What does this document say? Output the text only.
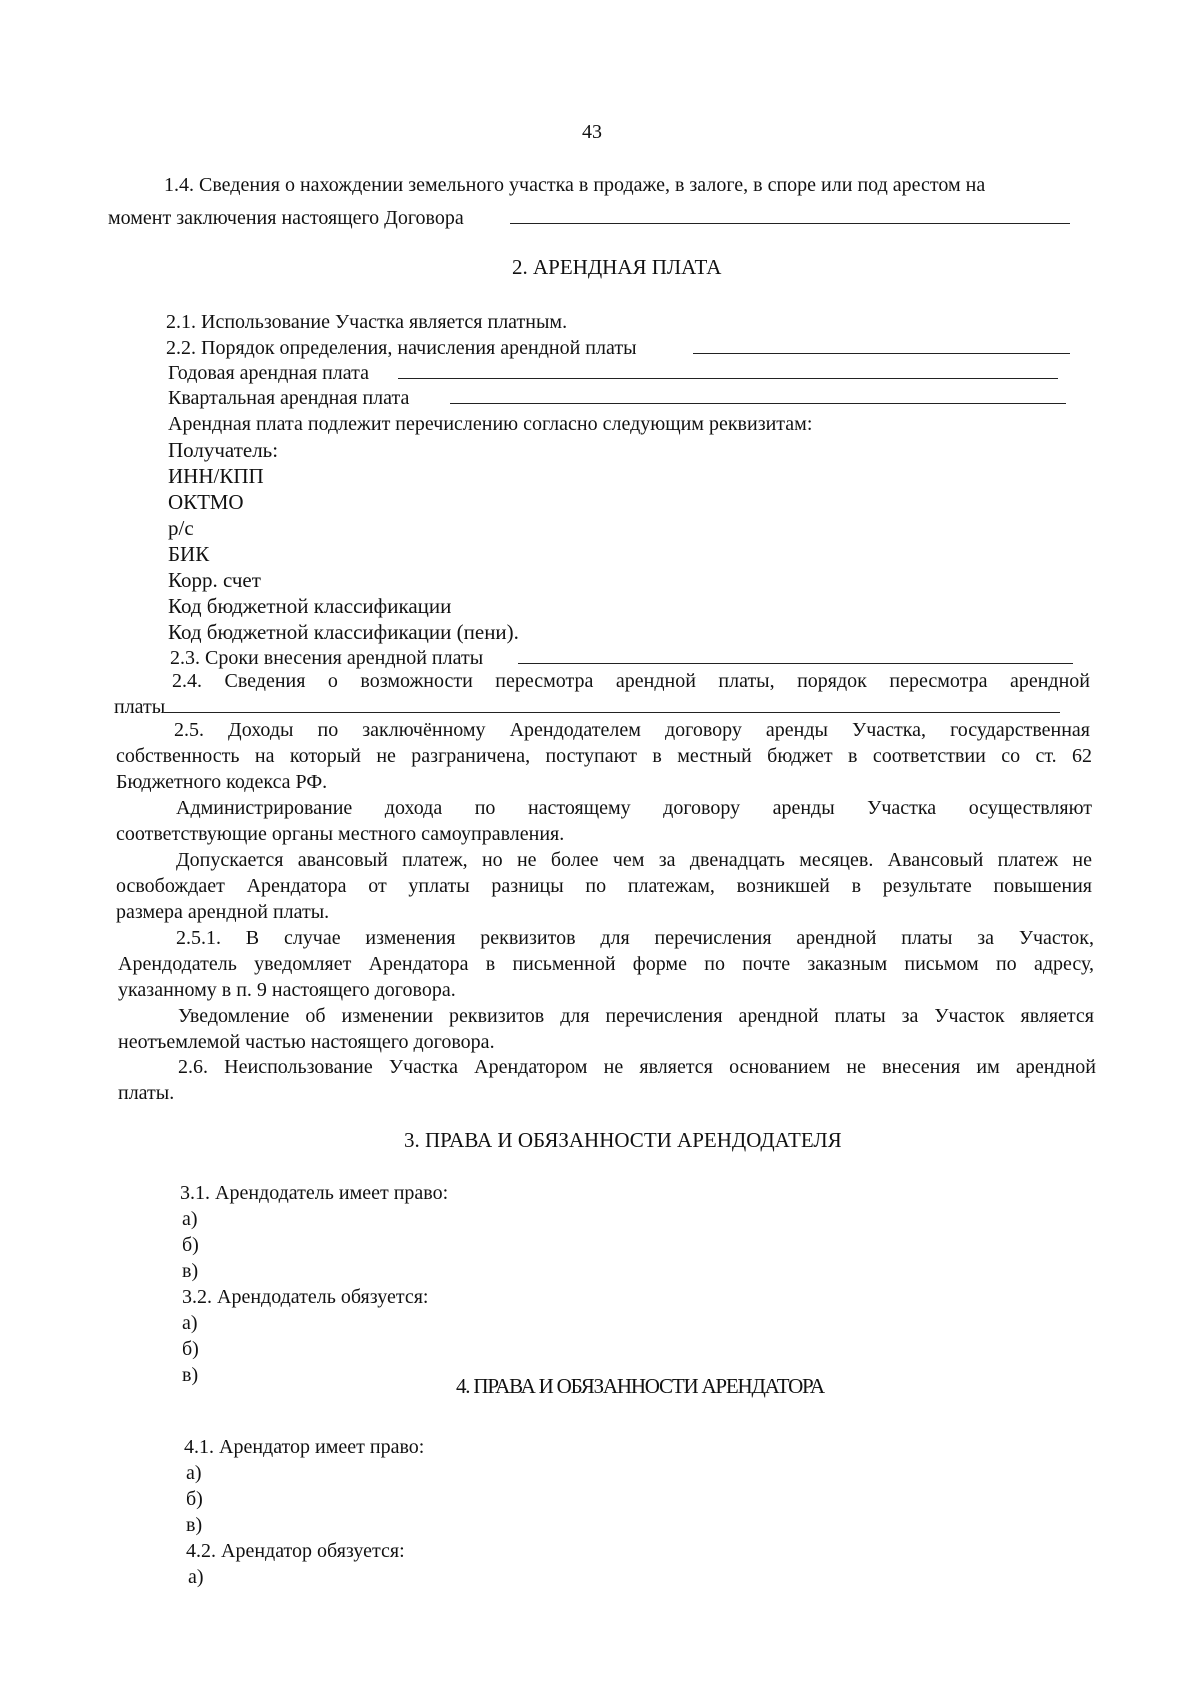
43
1.4. Сведения о нахождении земельного участка в продаже, в залоге, в споре или под арестом на
момент заключения настоящего Договора
2. АРЕНДНАЯ ПЛАТА
2.1. Использование Участка является платным.
2.2. Порядок определения, начисления арендной платы
Годовая арендная плата
Квартальная арендная плата
Арендная плата подлежит перечислению согласно следующим реквизитам:
Получатель:
ИНН/КПП
ОКТМО
р/с
БИК
Корр. счет
Код бюджетной классификации
Код бюджетной классификации (пени).
2.3. Сроки внесения арендной платы
2.4. Сведения о возможности пересмотра арендной платы, порядок пересмотра арендной
платы
2.5. Доходы по заключённому Арендодателем договору аренды Участка, государственная
собственность на который не разграничена, поступают в местный бюджет в соответствии со ст. 62
Бюджетного кодекса РФ.
Администрирование дохода по настоящему договору аренды Участка осуществляют
соответствующие органы местного самоуправления.
Допускается авансовый платеж, но не более чем за двенадцать месяцев. Авансовый платеж не
освобождает Арендатора от уплаты разницы по платежам, возникшей в результате повышения
размера арендной платы.
2.5.1. В случае изменения реквизитов для перечисления арендной платы за Участок,
Арендодатель уведомляет Арендатора в письменной форме по почте заказным письмом по адресу,
указанному в п. 9 настоящего договора.
Уведомление об изменении реквизитов для перечисления арендной платы за Участок является
неотъемлемой частью настоящего договора.
2.6. Неиспользование Участка Арендатором не является основанием не внесения им арендной
платы.
3. ПРАВА И ОБЯЗАННОСТИ АРЕНДОДАТЕЛЯ
3.1. Арендодатель имеет право:
а)
б)
в)
3.2. Арендодатель обязуется:
а)
б)
в)	4. ПРАВА И ОБЯЗАННОСТИ АРЕНДАТОРА
4.1. Арендатор имеет право:
а)
б)
в)
4.2. Арендатор обязуется:
а)
